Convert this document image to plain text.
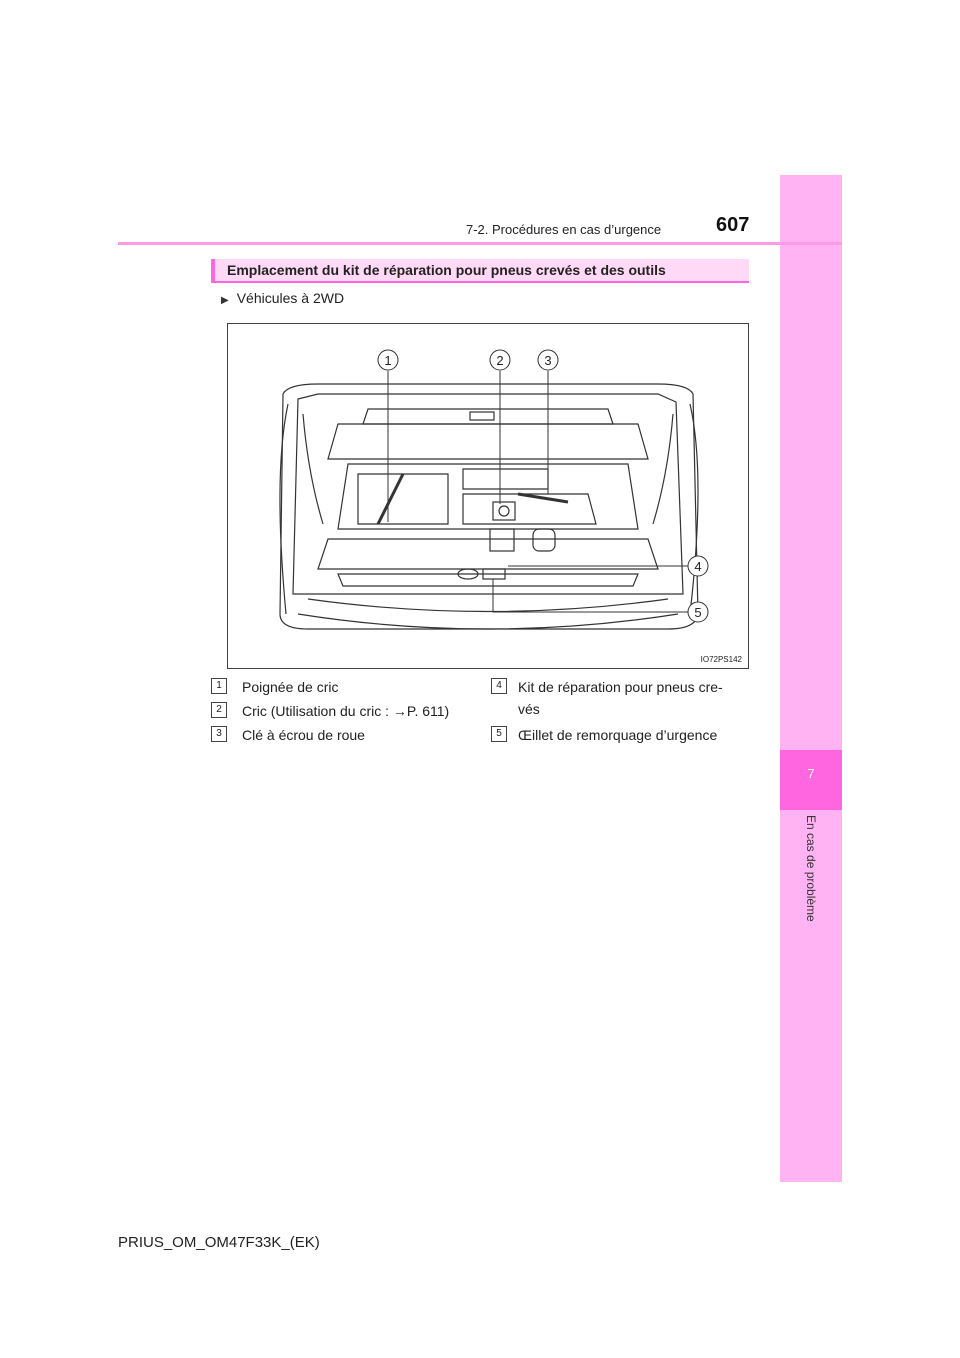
7
En cas de problème
7-2. Procédures en cas d’urgence	607
Emplacement du kit de réparation pour pneus crevés et des outils
▶ Véhicules à 2WD
1	2	3
4
5
IO72PS142
1	Poignée de cric
2	Cric (Utilisation du cric : →P. 611)
3	Clé à écrou de roue
4	Kit de réparation pour pneus cre-
vés
5	Œillet de remorquage d’urgence
PRIUS_OM_OM47F33K_(EK)
